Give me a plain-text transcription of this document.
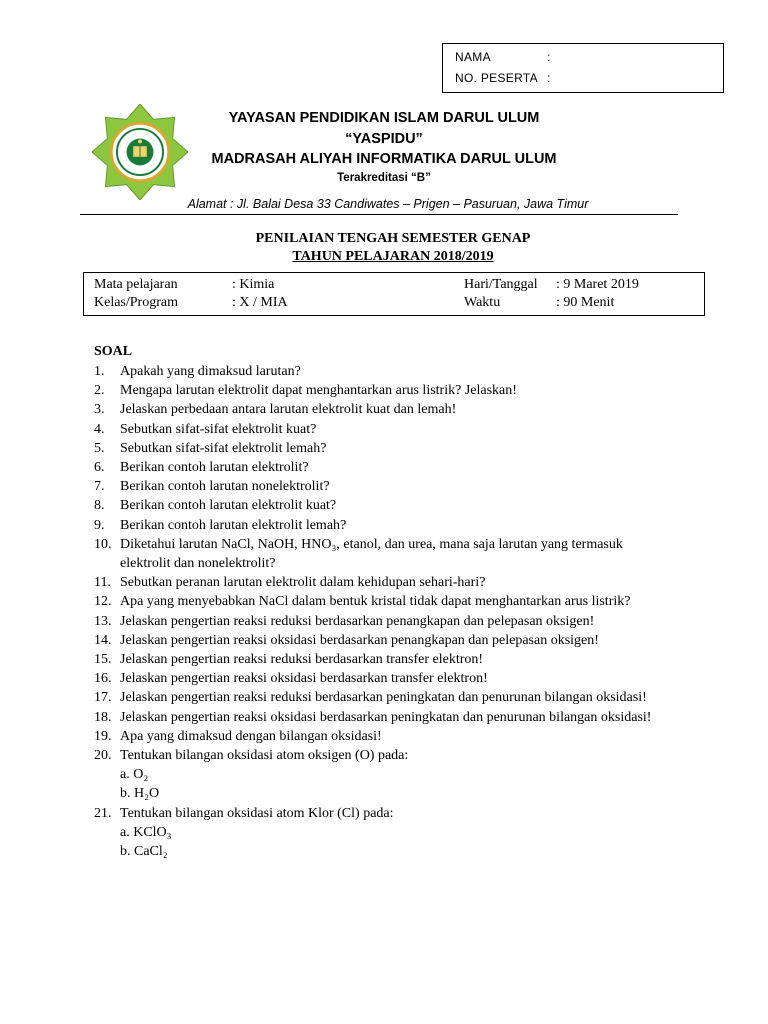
NAMA	:
NO. PESERTA :
YAYASAN PENDIDIKAN ISLAM DARUL ULUM
“YASPIDU”
MADRASAH ALIYAH INFORMATIKA DARUL ULUM
Terakreditasi “B”
Alamat : Jl. Balai Desa 33 Candiwates – Prigen – Pasuruan, Jawa Timur
PENILAIAN TENGAH SEMESTER GENAP
TAHUN PELAJARAN 2018/2019
Mata pelajaran	: Kimia	Hari/Tanggal : 9 Maret 2019
Kelas/Program	: X / MIA	Waktu	: 90 Menit
SOAL
1. Apakah yang dimaksud larutan?
2. Mengapa larutan elektrolit dapat menghantarkan arus listrik? Jelaskan!
3. Jelaskan perbedaan antara larutan elektrolit kuat dan lemah!
4. Sebutkan sifat-sifat elektrolit kuat?
5. Sebutkan sifat-sifat elektrolit lemah?
6. Berikan contoh larutan elektrolit?
7. Berikan contoh larutan nonelektrolit?
8. Berikan contoh larutan elektrolit kuat?
9. Berikan contoh larutan elektrolit lemah?
10. Diketahui larutan NaCl, NaOH, HNO₃, etanol, dan urea, mana saja larutan yang termasuk elektrolit dan nonelektrolit?
11. Sebutkan peranan larutan elektrolit dalam kehidupan sehari-hari?
12. Apa yang menyebabkan NaCl dalam bentuk kristal tidak dapat menghantarkan arus listrik?
13. Jelaskan pengertian reaksi reduksi berdasarkan penangkapan dan pelepasan oksigen!
14. Jelaskan pengertian reaksi oksidasi berdasarkan penangkapan dan pelepasan oksigen!
15. Jelaskan pengertian reaksi reduksi berdasarkan transfer elektron!
16. Jelaskan pengertian reaksi oksidasi berdasarkan transfer elektron!
17. Jelaskan pengertian reaksi reduksi berdasarkan peningkatan dan penurunan bilangan oksidasi!
18. Jelaskan pengertian reaksi oksidasi berdasarkan peningkatan dan penurunan bilangan oksidasi!
19. Apa yang dimaksud dengan bilangan oksidasi!
20. Tentukan bilangan oksidasi atom oksigen (O) pada:
a. O₂
b. H₂O
21. Tentukan bilangan oksidasi atom Klor (Cl) pada:
a. KClO₃
b. CaCl₂
